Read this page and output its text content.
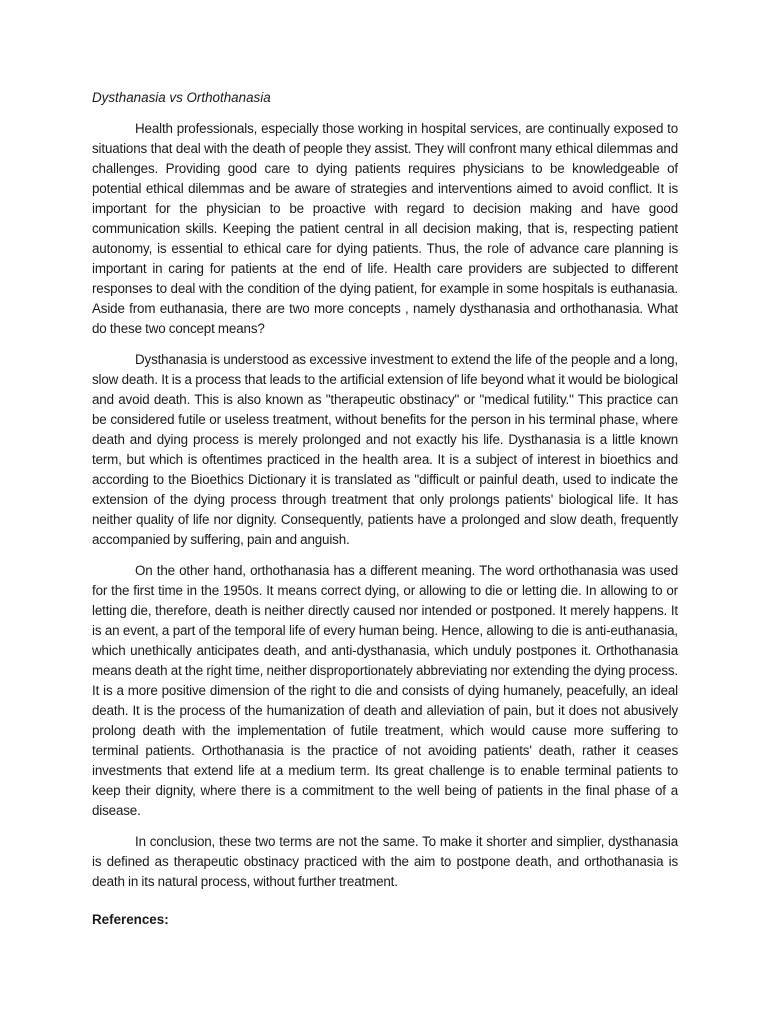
Dysthanasia vs Orthothanasia

Health professionals, especially those working in hospital services, are continually exposed to situations that deal with the death of people they assist. They will confront many ethical dilemmas and challenges. Providing good care to dying patients requires physicians to be knowledgeable of potential ethical dilemmas and be aware of strategies and interventions aimed to avoid conflict. It is important for the physician to be proactive with regard to decision making and have good communication skills. Keeping the patient central in all decision making, that is, respecting patient autonomy, is essential to ethical care for dying patients. Thus, the role of advance care planning is important in caring for patients at the end of life. Health care providers are subjected to different responses to deal with the condition of the dying patient, for example in some hospitals is euthanasia. Aside from euthanasia, there are two more concepts , namely dysthanasia and orthothanasia. What do these two concept means?

Dysthanasia is understood as excessive investment to extend the life of the people and a long, slow death. It is a process that leads to the artificial extension of life beyond what it would be biological and avoid death. This is also known as "therapeutic obstinacy" or "medical futility." This practice can be considered futile or useless treatment, without benefits for the person in his terminal phase, where death and dying process is merely prolonged and not exactly his life. Dysthanasia is a little known term, but which is oftentimes practiced in the health area. It is a subject of interest in bioethics and according to the Bioethics Dictionary it is translated as "difficult or painful death, used to indicate the extension of the dying process through treatment that only prolongs patients' biological life. It has neither quality of life nor dignity. Consequently, patients have a prolonged and slow death, frequently accompanied by suffering, pain and anguish.

On the other hand, orthothanasia has a different meaning. The word orthothanasia was used for the first time in the 1950s. It means correct dying, or allowing to die or letting die. In allowing to or letting die, therefore, death is neither directly caused nor intended or postponed. It merely happens. It is an event, a part of the temporal life of every human being. Hence, allowing to die is anti-euthanasia, which unethically anticipates death, and anti-dysthanasia, which unduly postpones it. Orthothanasia means death at the right time, neither disproportionately abbreviating nor extending the dying process. It is a more positive dimension of the right to die and consists of dying humanely, peacefully, an ideal death. It is the process of the humanization of death and alleviation of pain, but it does not abusively prolong death with the implementation of futile treatment, which would cause more suffering to terminal patients. Orthothanasia is the practice of not avoiding patients' death, rather it ceases investments that extend life at a medium term. Its great challenge is to enable terminal patients to keep their dignity, where there is a commitment to the well being of patients in the final phase of a disease.

In conclusion, these two terms are not the same. To make it shorter and simplier, dysthanasia is defined as therapeutic obstinacy practiced with the aim to postpone death, and orthothanasia is death in its natural process, without further treatment.

References:
